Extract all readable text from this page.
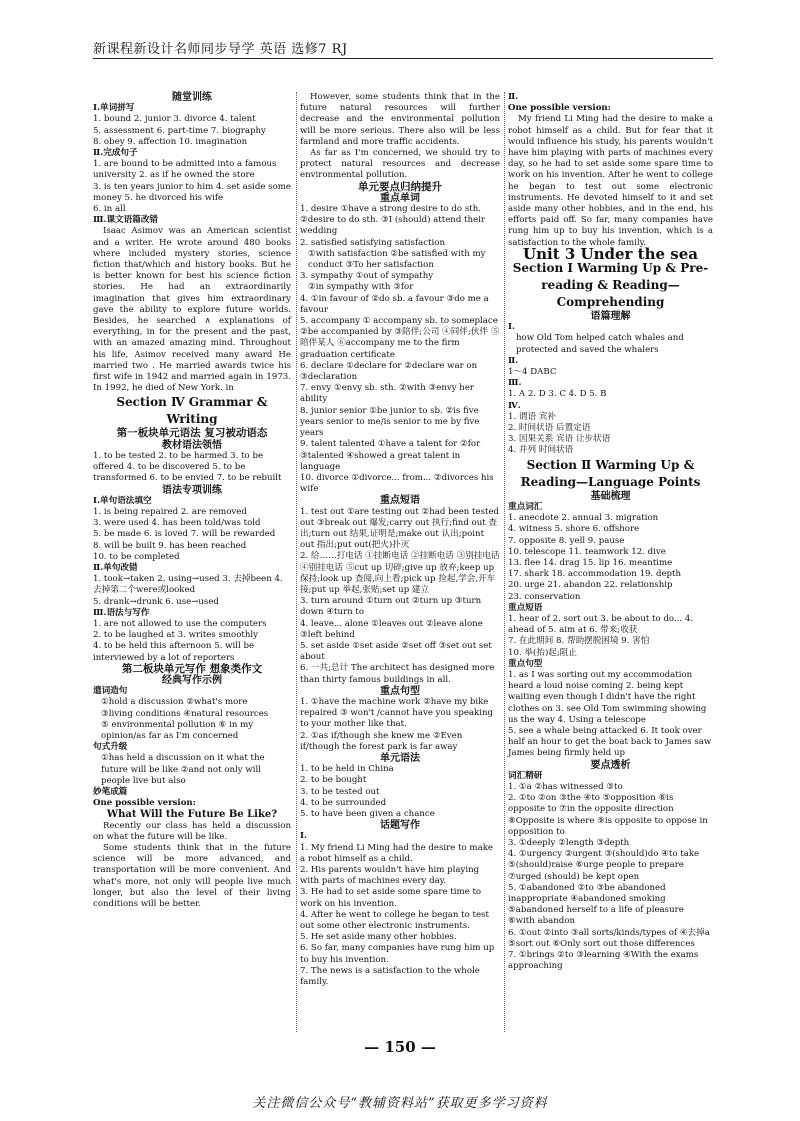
新课程新设计名师同步导学 英语 选修7 RJ
随堂训练
Ⅰ.单词拼写
1. bound 2. junior 3. divorce 4. talent
5. assessment 6. part-time 7. biography
8. obey 9. affection 10. imagination
Ⅱ.完成句子
1. are bound to be admitted into a famous university 2. as if he owned the store
3. is ten years junior to him 4. set aside some money 5. he divorced his wife
6. in all
Ⅲ.课文语篇改错
Isaac Asimov was an American scientist and a writer. He wrote around 480 books where included mystery stories, science fiction that/which and history books. But he is better known for best his science fiction stories. He had an extraordinarily imagination that gives him extraordinary gave the ability to explore future worlds. Besides, he searched ∧ explanations of everything, in for the present and the past, with an amazed amazing mind. Throughout his life, Asimov received many award He married two . He married awards twice his first wife in 1942 and married again in 1973. In 1992, he died of New York. in
Section Ⅳ Grammar & Writing
第一板块单元语法 复习被动语态
教材语法领悟
1. to be tested 2. to be harmed 3. to be offered 4. to be discovered 5. to be transformed 6. to be envied 7. to be rebuilt
语法专项训练
Ⅰ.单句语法填空
1. is being repaired 2. are removed
3. were used 4. has been told/was told
5. be made 6. is loved 7. will be rewarded
8. will be built 9. has been reached
10. to be completed
Ⅱ.单句改错
1. took→taken 2. using→used 3. 去掉been 4. 去掉第二个were或looked
5. drank→drunk 6. use→used
Ⅲ.语法与写作
1. are not allowed to use the computers
2. to be laughed at 3. writes smoothly
4. to be held this afternoon 5. will be interviewed by a lot of reporters
第二板块单元写作 想象类作文
经典写作示例
遣词造句
①hold a discussion ②what's more
③living conditions ④natural resources
⑤ environmental pollution ⑥ in my opinion/as far as I'm concerned
句式升级
①has held a discussion on it what the future will be like ②and not only will people live but also
妙笔成篇
One possible version:
What Will the Future Be Like?
Recently our class has held a discussion on what the future will be like.
Some students think that in the future science will be more advanced, and transportation will be more convenient. And what's more, not only will people live much longer, but also the level of their living conditions will be better.
However, some students think that in the future natural resources will further decrease and the environmental pollution will be more serious. There also will be less farmland and more traffic accidents.
As far as I'm concerned, we should try to protect natural resources and decrease environmental pollution.
单元要点归纳提升
重点单词
1. desire ①have a strong desire to do sth. ②desire to do sth. ③I (should) attend their wedding
2. satisfied satisfying satisfaction
①with satisfaction ②be satisfied with my conduct ③To her satisfaction
3. sympathy ①out of sympathy
②in sympathy with ③for
4. ①in favour of ②do sb. a favour ③do me a favour
5. accompany ① accompany sb. to someplace ②be accompanied by ③陪伴;公司 ④同伴;伙伴 ⑤陪伴某人 ⑥accompany me to the firm graduation certificate
6. declare ①declare for ②declare war on ③declaration
7. envy ①envy sb. sth. ②with ③envy her ability
8. junior senior ①be junior to sb. ②is five years senior to me/is senior to me by five years
9. talent talented ①have a talent for ②for ③talented ④showed a great talent in language
10. divorce ①divorce... from... ②divorces his wife
重点短语
1. test out ①are testing out ②had been tested out ③break out 爆发;carry out 执行;find out 查出;turn out 结果,证明是;make out 认出;point out 指出;put out(把火)扑灭
2. 给……打电话 ①挂断电话 ②挂断电话 ③别挂电话 ④别挂电话 ⑤cut up 切碎;give up 放弃;keep up 保持;look up 查阅,向上看;pick up 捡起,学会,开车接;put up 举起,张贴;set up 建立
3. turn around ①turn out ②turn up ③turn down ④turn to
4. leave... alone ①leaves out ②leave alone ③left behind
5. set aside ①set aside ②set off ③set out set about
6. 一共;总计 The architect has designed more than thirty famous buildings in all.
重点句型
1. ①have the machine work ②have my bike repaired ③ won't /cannot have you speaking to your mother like that.
2. ①as if/though she knew me ②Even if/though the forest park is far away
单元语法
1. to be held in China
2. to be bought
3. to be tested out
4. to be surrounded
5. to have been given a chance
话题写作
Ⅰ.
1. My friend Li Ming had the desire to make a robot himself as a child.
2. His parents wouldn't have him playing with parts of machines every day.
3. He had to set aside some spare time to work on his invention.
4. After he went to college he began to test out some other electronic instruments.
5. He set aside many other hobbies.
6. So far, many companies have rung him up to buy his invention.
7. The news is a satisfaction to the whole family.
Ⅱ.
One possible version:
My friend Li Ming had the desire to make a robot himself as a child. But for fear that it would influence his study, his parents wouldn't have him playing with parts of machines every day, so he had to set aside some spare time to work on his invention. After he went to college he began to test out some electronic instruments. He devoted himself to it and set aside many other hobbies, and in the end, his efforts paid off. So far, many companies have rung him up to buy his invention, which is a satisfaction to the whole family.
Unit 3 Under the sea
Section Ⅰ Warming Up & Pre-reading & Reading—Comprehending
语篇理解
Ⅰ.
how Old Tom helped catch whales and protected and saved the whalers
Ⅱ.
1～4 DABC
Ⅲ.
1. A 2. D 3. C 4. D 5. B
Ⅳ.
1. 谓语 宾补
2. 时间状语 后置定语
3. 因果关系 宾语 让步状语
4. 并列 时间状语
Section Ⅱ Warming Up & Reading—Language Points
基础梳理
重点词汇
1. anecdote 2. annual 3. migration
4. witness 5. shore 6. offshore
7. opposite 8. yell 9. pause
10. telescope 11. teamwork 12. dive
13. flee 14. drag 15. lip 16. meantime
17. shark 18. accommodation 19. depth
20. urge 21. abandon 22. relationship
23. conservation
重点短语
1. hear of 2. sort out 3. be about to do... 4. ahead of 5. aim at 6. 带来;收获
7. 在此期间 8. 帮助摆脱困境 9. 害怕
10. 举(抬)起;阻止
重点句型
1. as I was sorting out my accommodation heard a loud noise coming 2. being kept waiting even though I didn't have the right clothes on 3. see Old Tom swimming showing us the way 4. Using a telescope
5. see a whale being attacked 6. It took over half an hour to get the boat back to James saw James being firmly held up
要点透析
词汇精研
1. ①a ②has witnessed ③to
2. ①to ②on ③the ④to ⑤opposition ⑥is opposite to ⑦in the opposite direction ⑧Opposite is where ⑨is opposite to oppose in opposition to
3. ①deeply ②length ③depth
4. ①urgency ②urgent ③(should)do ④to take ⑤(should)raise ⑥urge people to prepare ⑦urged (should) be kept open
5. ①abandoned ②to ③be abandoned inappropriate ④abandoned smoking ⑤abandoned herself to a life of pleasure ⑥with abandon
6. ①out ②into ③all sorts/kinds/types of ④去掉a ⑤sort out ⑥Only sort out those differences
7. ①brings ②to ③learning ④With the exams approaching
— 150 —
关注微信公众号“教辅资料站”获取更多学习资料
